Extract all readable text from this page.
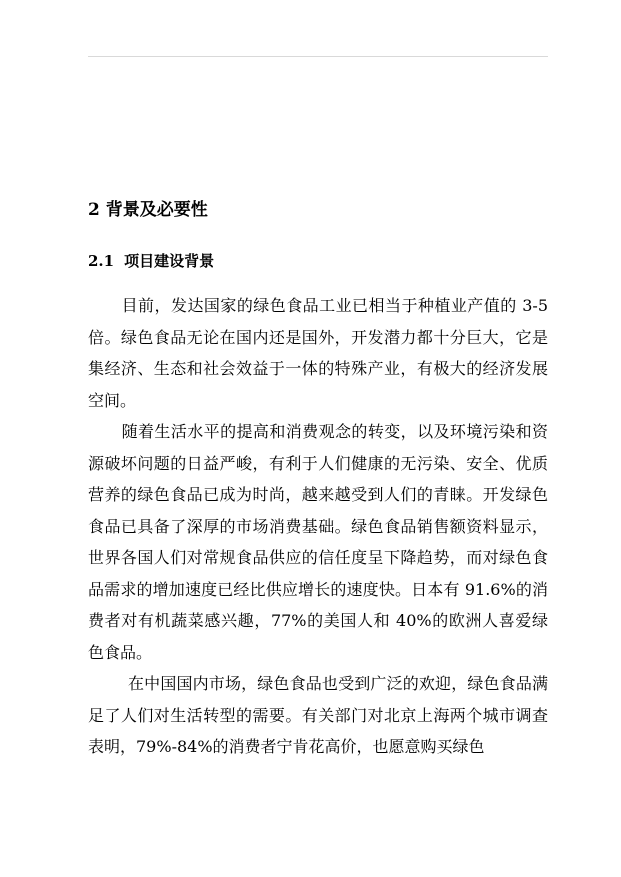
2 背景及必要性
2.1 项目建设背景

目前，发达国家的绿色食品工业已相当于种植业产值的 3-5 倍。绿色食品无论在国内还是国外，开发潜力都十分巨大，它是集经济、生态和社会效益于一体的特殊产业，有极大的经济发展空间。

随着生活水平的提高和消费观念的转变，以及环境污染和资源破坏问题的日益严峻，有利于人们健康的无污染、安全、优质营养的绿色食品已成为时尚，越来越受到人们的青睐。开发绿色食品已具备了深厚的市场消费基础。绿色食品销售额资料显示，世界各国人们对常规食品供应的信任度呈下降趋势，而对绿色食品需求的增加速度已经比供应增长的速度快。日本有 91.6%的消费者对有机蔬菜感兴趣，77%的美国人和 40%的欧洲人喜爱绿色食品。

在中国国内市场，绿色食品也受到广泛的欢迎，绿色食品满足了人们对生活转型的需要。有关部门对北京上海两个城市调查表明，79%-84%的消费者宁肯花高价，也愿意购买绿色
